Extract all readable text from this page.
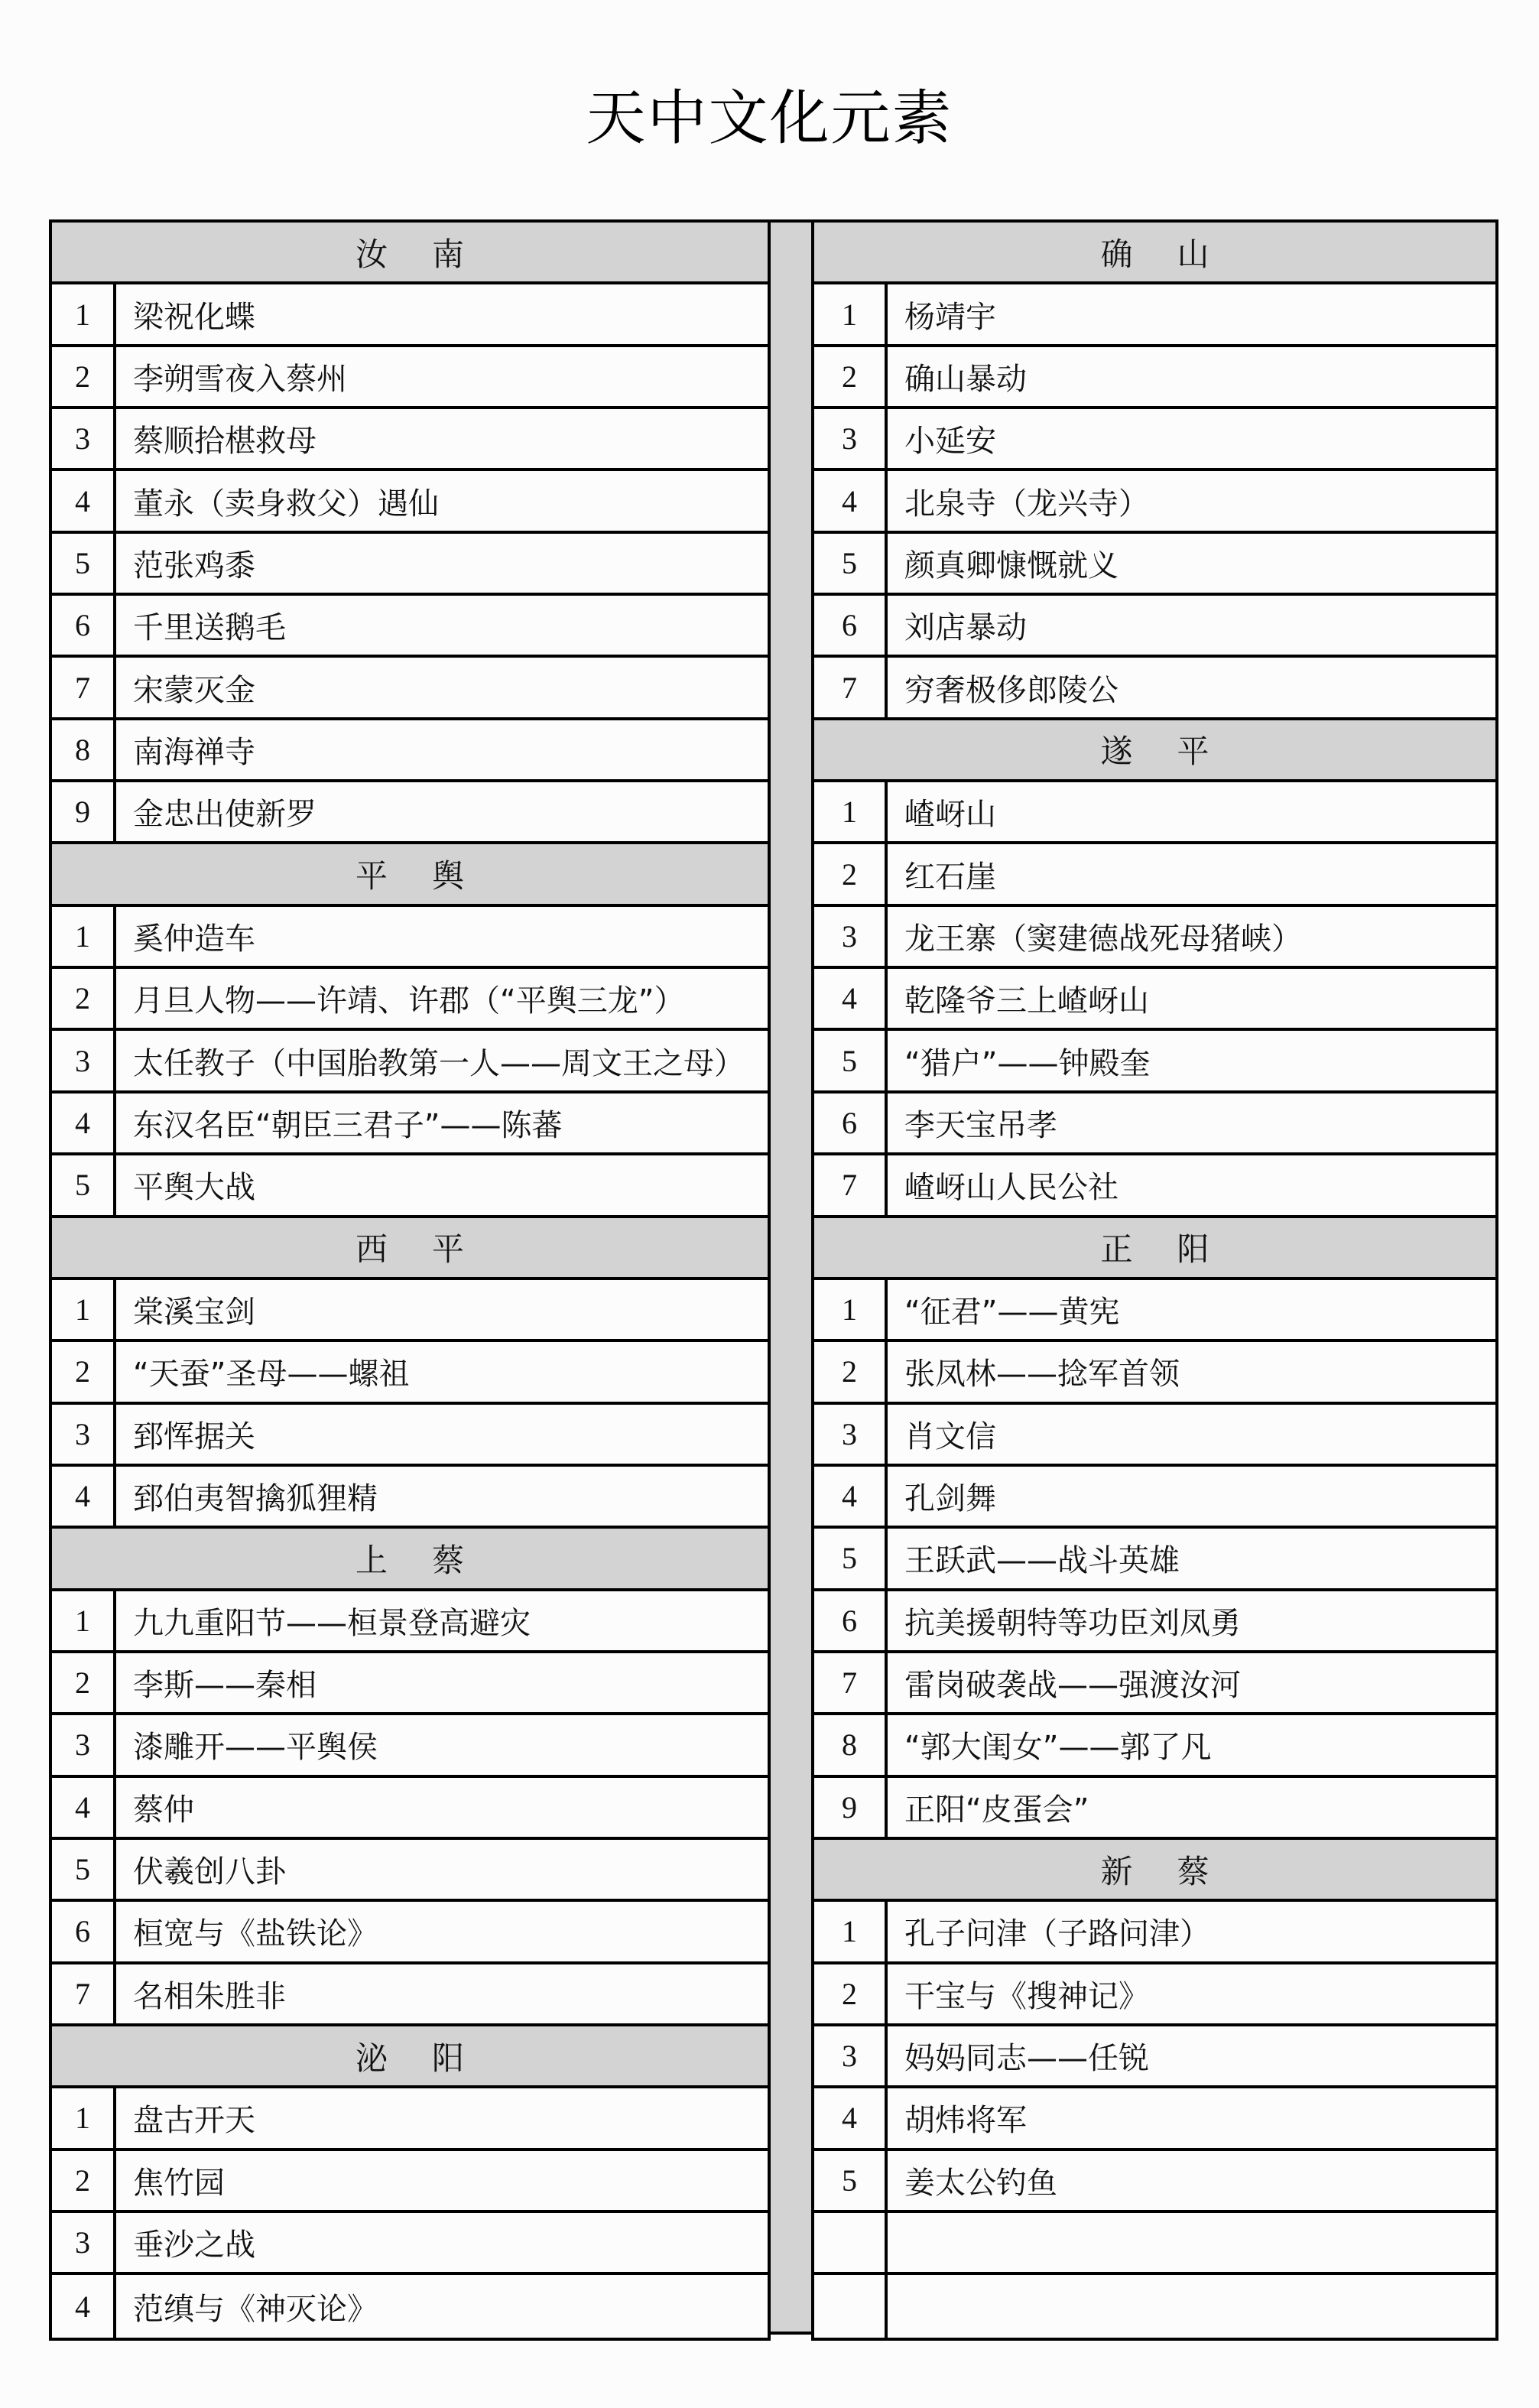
天中文化元素
汝南
1	梁祝化蝶
2	李朔雪夜入蔡州
3	蔡顺拾椹救母
4	董永（卖身救父）遇仙
5	范张鸡黍
6	千里送鹅毛
7	宋蒙灭金
8	南海禅寺
9	金忠出使新罗
平舆
1	奚仲造车
2	月旦人物——许靖、许郡（“平舆三龙”）
3	太任教子（中国胎教第一人——周文王之母）
4	东汉名臣“朝臣三君子”——陈蕃
5	平舆大战
西平
1	棠溪宝剑
2	“天蚕”圣母——螺祖
3	郅恽据关
4	郅伯夷智擒狐狸精
上蔡
1	九九重阳节——桓景登高避灾
2	李斯——秦相
3	漆雕开——平舆侯
4	蔡仲
5	伏羲创八卦
6	桓宽与《盐铁论》
7	名相朱胜非
泌阳
1	盘古开天
2	焦竹园
3	垂沙之战
4	范缜与《神灭论》
确山
1	杨靖宇
2	确山暴动
3	小延安
4	北泉寺（龙兴寺）
5	颜真卿慷慨就义
6	刘店暴动
7	穷奢极侈郎陵公
遂平
1	嵖岈山
2	红石崖
3	龙王寨（窦建德战死母猪峡）
4	乾隆爷三上嵖岈山
5	“猎户”——钟殿奎
6	李天宝吊孝
7	嵖岈山人民公社
正阳
1	“征君”——黄宪
2	张凤林——捻军首领
3	肖文信
4	孔剑舞
5	王跃武——战斗英雄
6	抗美援朝特等功臣刘凤勇
7	雷岗破袭战——强渡汝河
8	“郭大闺女”——郭了凡
9	正阳“皮蛋会”
新蔡
1	孔子问津（子路问津）
2	干宝与《搜神记》
3	妈妈同志——任锐
4	胡炜将军
5	姜太公钓鱼
